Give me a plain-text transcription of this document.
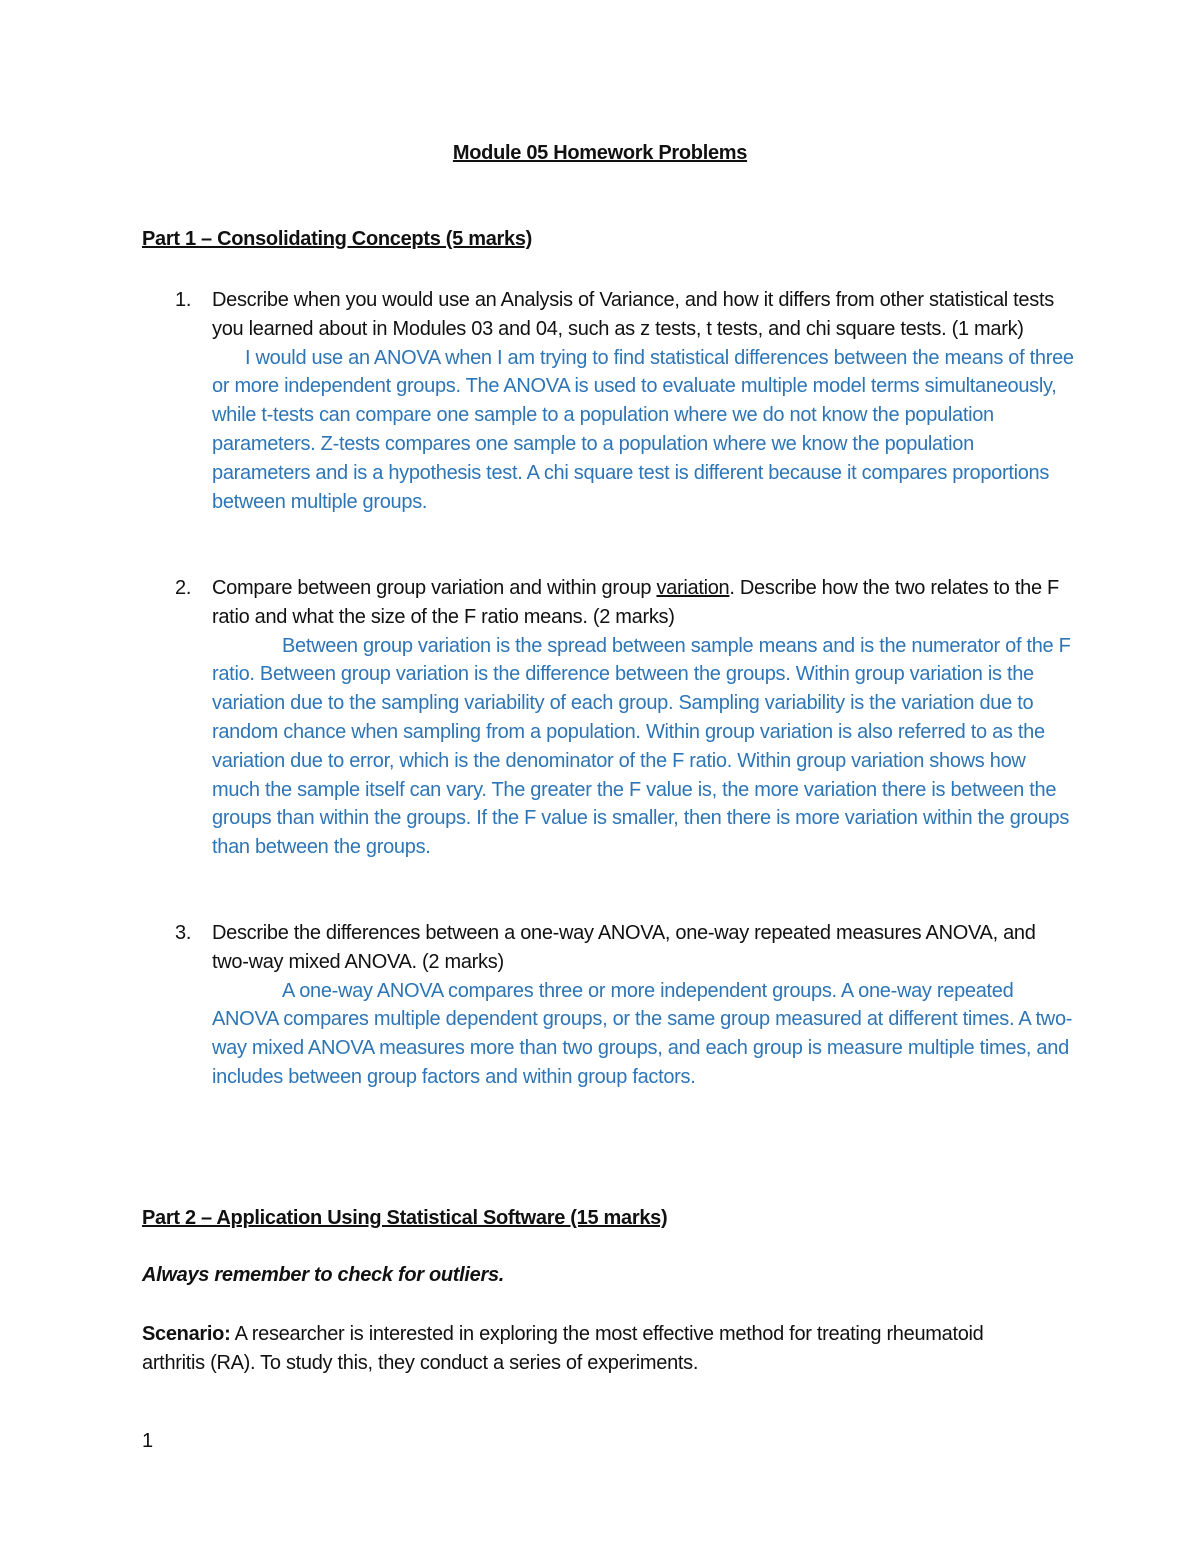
Module 05 Homework Problems
Part 1 – Consolidating Concepts (5 marks)
1. Describe when you would use an Analysis of Variance, and how it differs from other statistical tests you learned about in Modules 03 and 04, such as z tests, t tests, and chi square tests. (1 mark)
I would use an ANOVA when I am trying to find statistical differences between the means of three or more independent groups. The ANOVA is used to evaluate multiple model terms simultaneously, while t-tests can compare one sample to a population where we do not know the population parameters. Z-tests compares one sample to a population where we know the population parameters and is a hypothesis test. A chi square test is different because it compares proportions between multiple groups.
2. Compare between group variation and within group variation. Describe how the two relates to the F ratio and what the size of the F ratio means. (2 marks)
Between group variation is the spread between sample means and is the numerator of the F ratio. Between group variation is the difference between the groups. Within group variation is the variation due to the sampling variability of each group. Sampling variability is the variation due to random chance when sampling from a population. Within group variation is also referred to as the variation due to error, which is the denominator of the F ratio. Within group variation shows how much the sample itself can vary. The greater the F value is, the more variation there is between the groups than within the groups. If the F value is smaller, then there is more variation within the groups than between the groups.
3. Describe the differences between a one-way ANOVA, one-way repeated measures ANOVA, and two-way mixed ANOVA. (2 marks)
A one-way ANOVA compares three or more independent groups. A one-way repeated ANOVA compares multiple dependent groups, or the same group measured at different times. A two-way mixed ANOVA measures more than two groups, and each group is measure multiple times, and includes between group factors and within group factors.
Part 2 – Application Using Statistical Software (15 marks)
Always remember to check for outliers.
Scenario: A researcher is interested in exploring the most effective method for treating rheumatoid arthritis (RA). To study this, they conduct a series of experiments.
1
